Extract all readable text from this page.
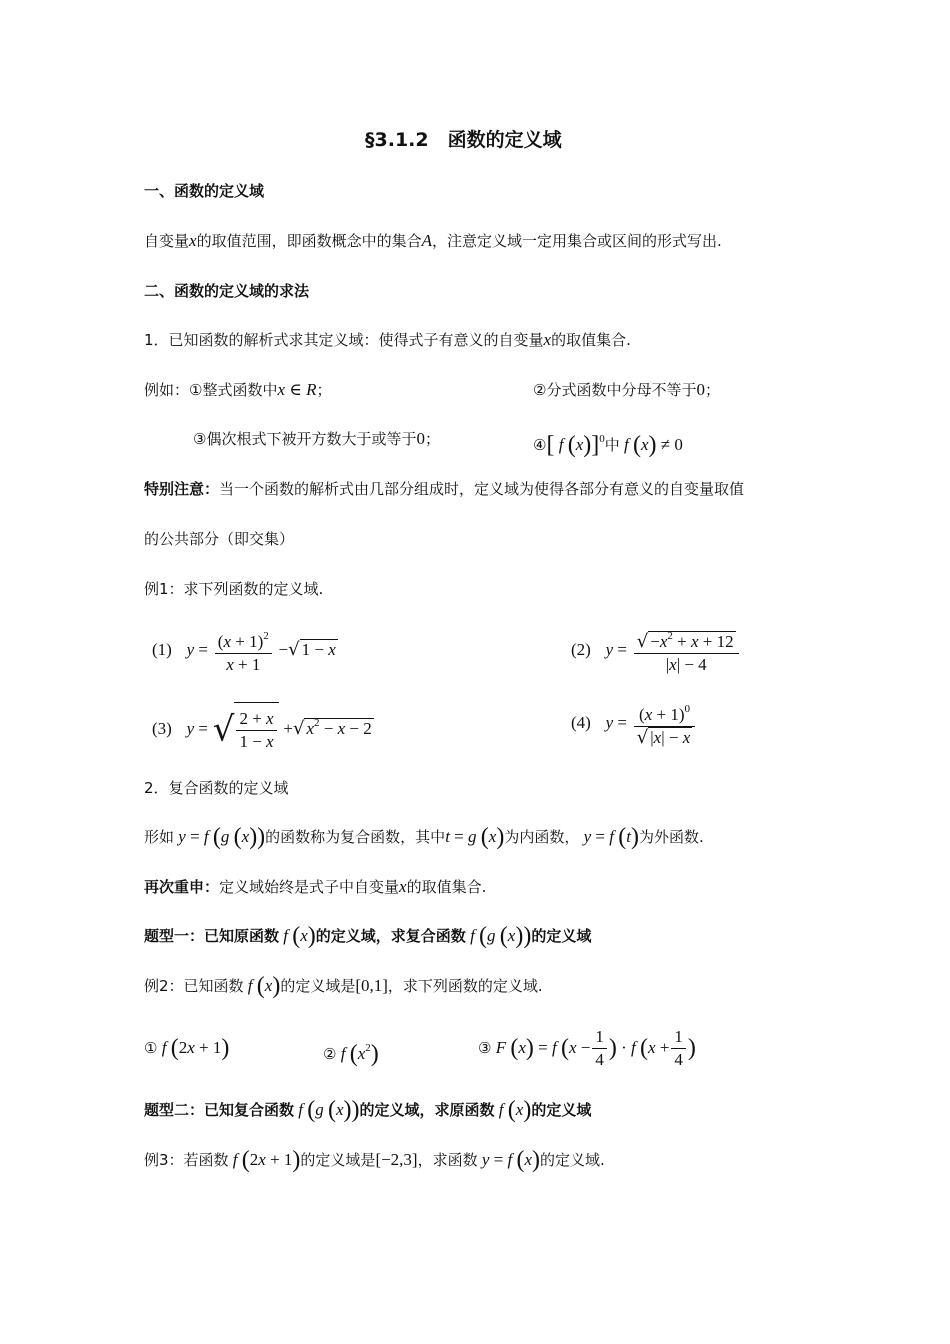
§3.1.2　函数的定义域
一、函数的定义域
自变量x的取值范围，即函数概念中的集合A，注意定义域一定用集合或区间的形式写出.
二、函数的定义域的求法
1．已知函数的解析式求其定义域：使得式子有意义的自变量x的取值集合.
例如：①整式函数中x ∈ R；	②分式函数中分母不等于0；
③偶次根式下被开方数大于或等于0；	④[ f (x)]$^0$中 f (x) ≠ 0
特别注意：当一个函数的解析式由几部分组成时，定义域为使得各部分有意义的自变量取值
的公共部分（即交集）
例1：求下列函数的定义域.
(1) $y = \frac{(x + 1)^2}{x + 1}$ −√ 1 − x	(2) $y = \frac{√ -x^2 + x + 12}{|x| - 4}$
(3) y = √ $\frac{2 + x}{1 - x}$ +√ $x^2 - x - 2$	(4) $y = \frac{(x + 1)^0}{√ |x| - x}$
2．复合函数的定义域
形如 y = f (g (x))的函数称为复合函数，其中t = g (x)为内函数， y = f (t)为外函数.
再次重申：定义域始终是式子中自变量x的取值集合.
题型一：已知原函数 f (x)的定义域，求复合函数 f (g (x))的定义域
例2：已知函数 f (x)的定义域是[0,1]，求下列函数的定义域.
① f (2x + 1)	② f $(x^2)$	③ F (x) = f ($x - \frac{1}{4}$ ) · f ($x + \frac{1}{4}$ )
题型二：已知复合函数 f (g (x))的定义域，求原函数 f (x)的定义域
例3：若函数 f (2x + 1)的定义域是[−2,3]，求函数 y = f (x)的定义域.
